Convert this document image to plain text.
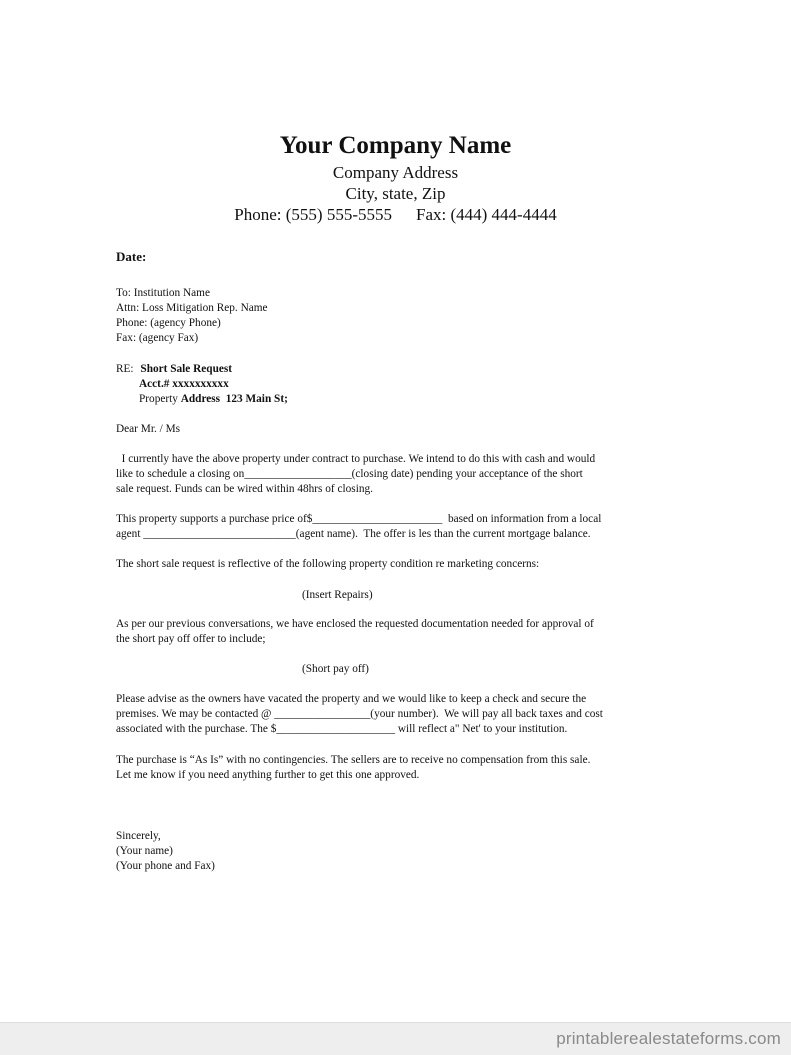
Your Company Name
Company Address
City, state, Zip
Phone: (555) 555-5555 Fax: (444) 444-4444
Date:
To: Institution Name
Attn: Loss Mitigation Rep. Name
Phone: (agency Phone)
Fax: (agency Fax)
RE: Short Sale Request
Acct.# xxxxxxxxxx
Property Address  123 Main St;
Dear Mr. / Ms
I currently have the above property under contract to purchase. We intend to do this with cash and would
like to schedule a closing on___________________(closing date) pending your acceptance of the short
sale request. Funds can be wired within 48hrs of closing.
This property supports a purchase price of$_______________________  based on information from a local
agent ___________________________(agent name).  The offer is les than the current mortgage balance.
The short sale request is reflective of the following property condition re marketing concerns:
(Insert Repairs)
As per our previous conversations, we have enclosed the requested documentation needed for approval of
the short pay off offer to include;
(Short pay off)
Please advise as the owners have vacated the property and we would like to keep a check and secure the
premises. We may be contacted @ _________________(your number).  We will pay all back taxes and cost
associated with the purchase. The $_____________________ will reflect a" Net' to your institution.
The purchase is “As Is” with no contingencies. The sellers are to receive no compensation from this sale.
Let me know if you need anything further to get this one approved.
Sincerely,
(Your name)
(Your phone and Fax)
printablerealestateforms.com
